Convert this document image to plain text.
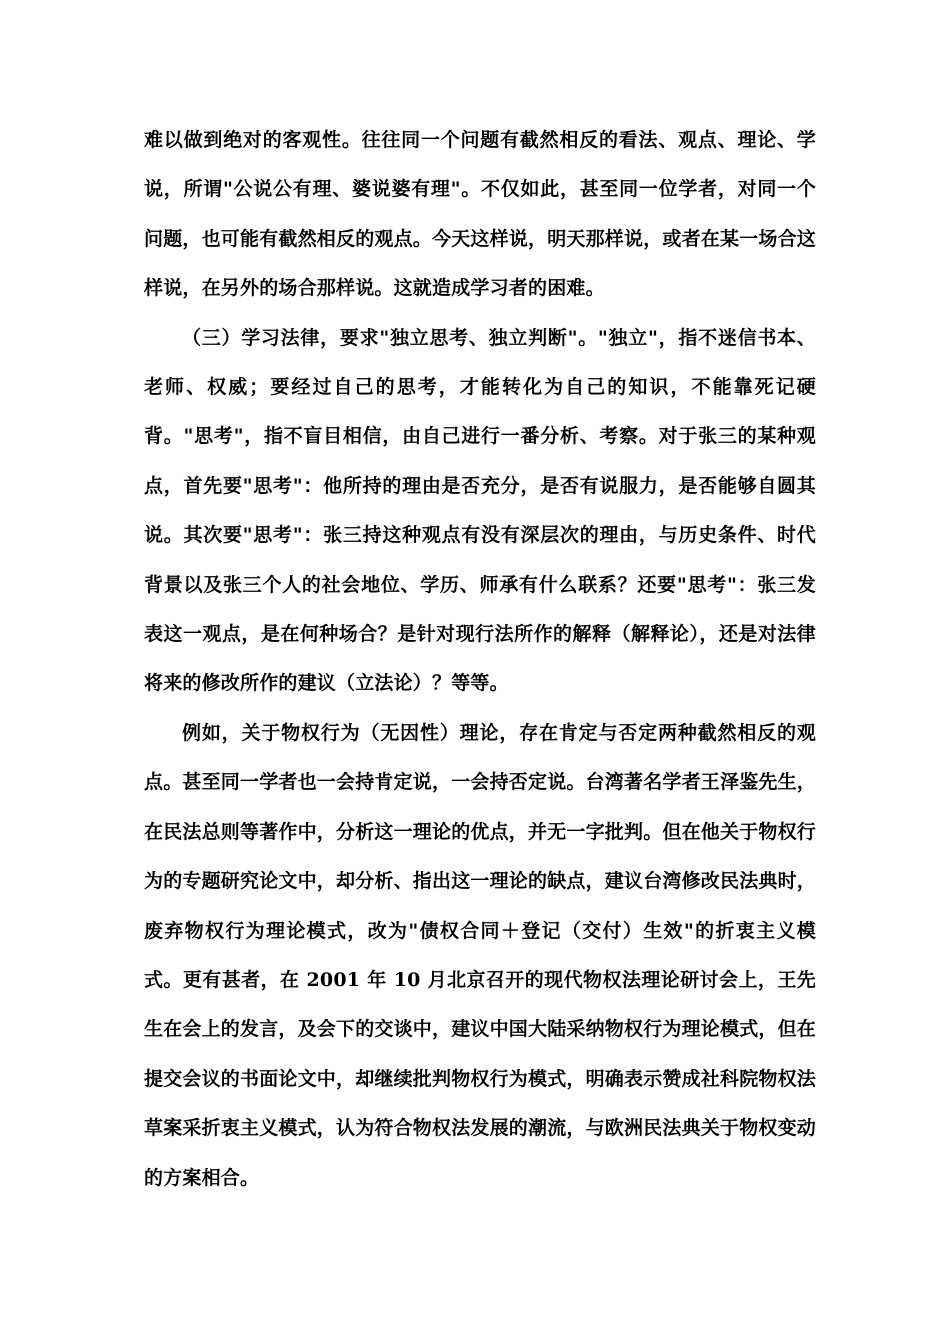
难以做到绝对的客观性。往往同一个问题有截然相反的看法、观点、理论、学说，所谓"公说公有理、婆说婆有理"。不仅如此，甚至同一位学者，对同一个问题，也可能有截然相反的观点。今天这样说，明天那样说，或者在某一场合这样说，在另外的场合那样说。这就造成学习者的困难。

（三）学习法律，要求"独立思考、独立判断"。"独立"，指不迷信书本、老师、权威；要经过自己的思考，才能转化为自己的知识，不能靠死记硬背。"思考"，指不盲目相信，由自己进行一番分析、考察。对于张三的某种观点，首先要"思考"：他所持的理由是否充分，是否有说服力，是否能够自圆其说。其次要"思考"：张三持这种观点有没有深层次的理由，与历史条件、时代背景以及张三个人的社会地位、学历、师承有什么联系？还要"思考"：张三发表这一观点，是在何种场合？是针对现行法所作的解释（解释论），还是对法律将来的修改所作的建议（立法论）？等等。

例如，关于物权行为（无因性）理论，存在肯定与否定两种截然相反的观点。甚至同一学者也一会持肯定说，一会持否定说。台湾著名学者王泽鉴先生，在民法总则等著作中，分析这一理论的优点，并无一字批判。但在他关于物权行为的专题研究论文中，却分析、指出这一理论的缺点，建议台湾修改民法典时，废弃物权行为理论模式，改为"债权合同＋登记（交付）生效"的折衷主义模式。更有甚者，在 2001 年 10 月北京召开的现代物权法理论研讨会上，王先生在会上的发言，及会下的交谈中，建议中国大陆采纳物权行为理论模式，但在提交会议的书面论文中，却继续批判物权行为模式，明确表示赞成社科院物权法草案采折衷主义模式，认为符合物权法发展的潮流，与欧洲民法典关于物权变动的方案相合。
